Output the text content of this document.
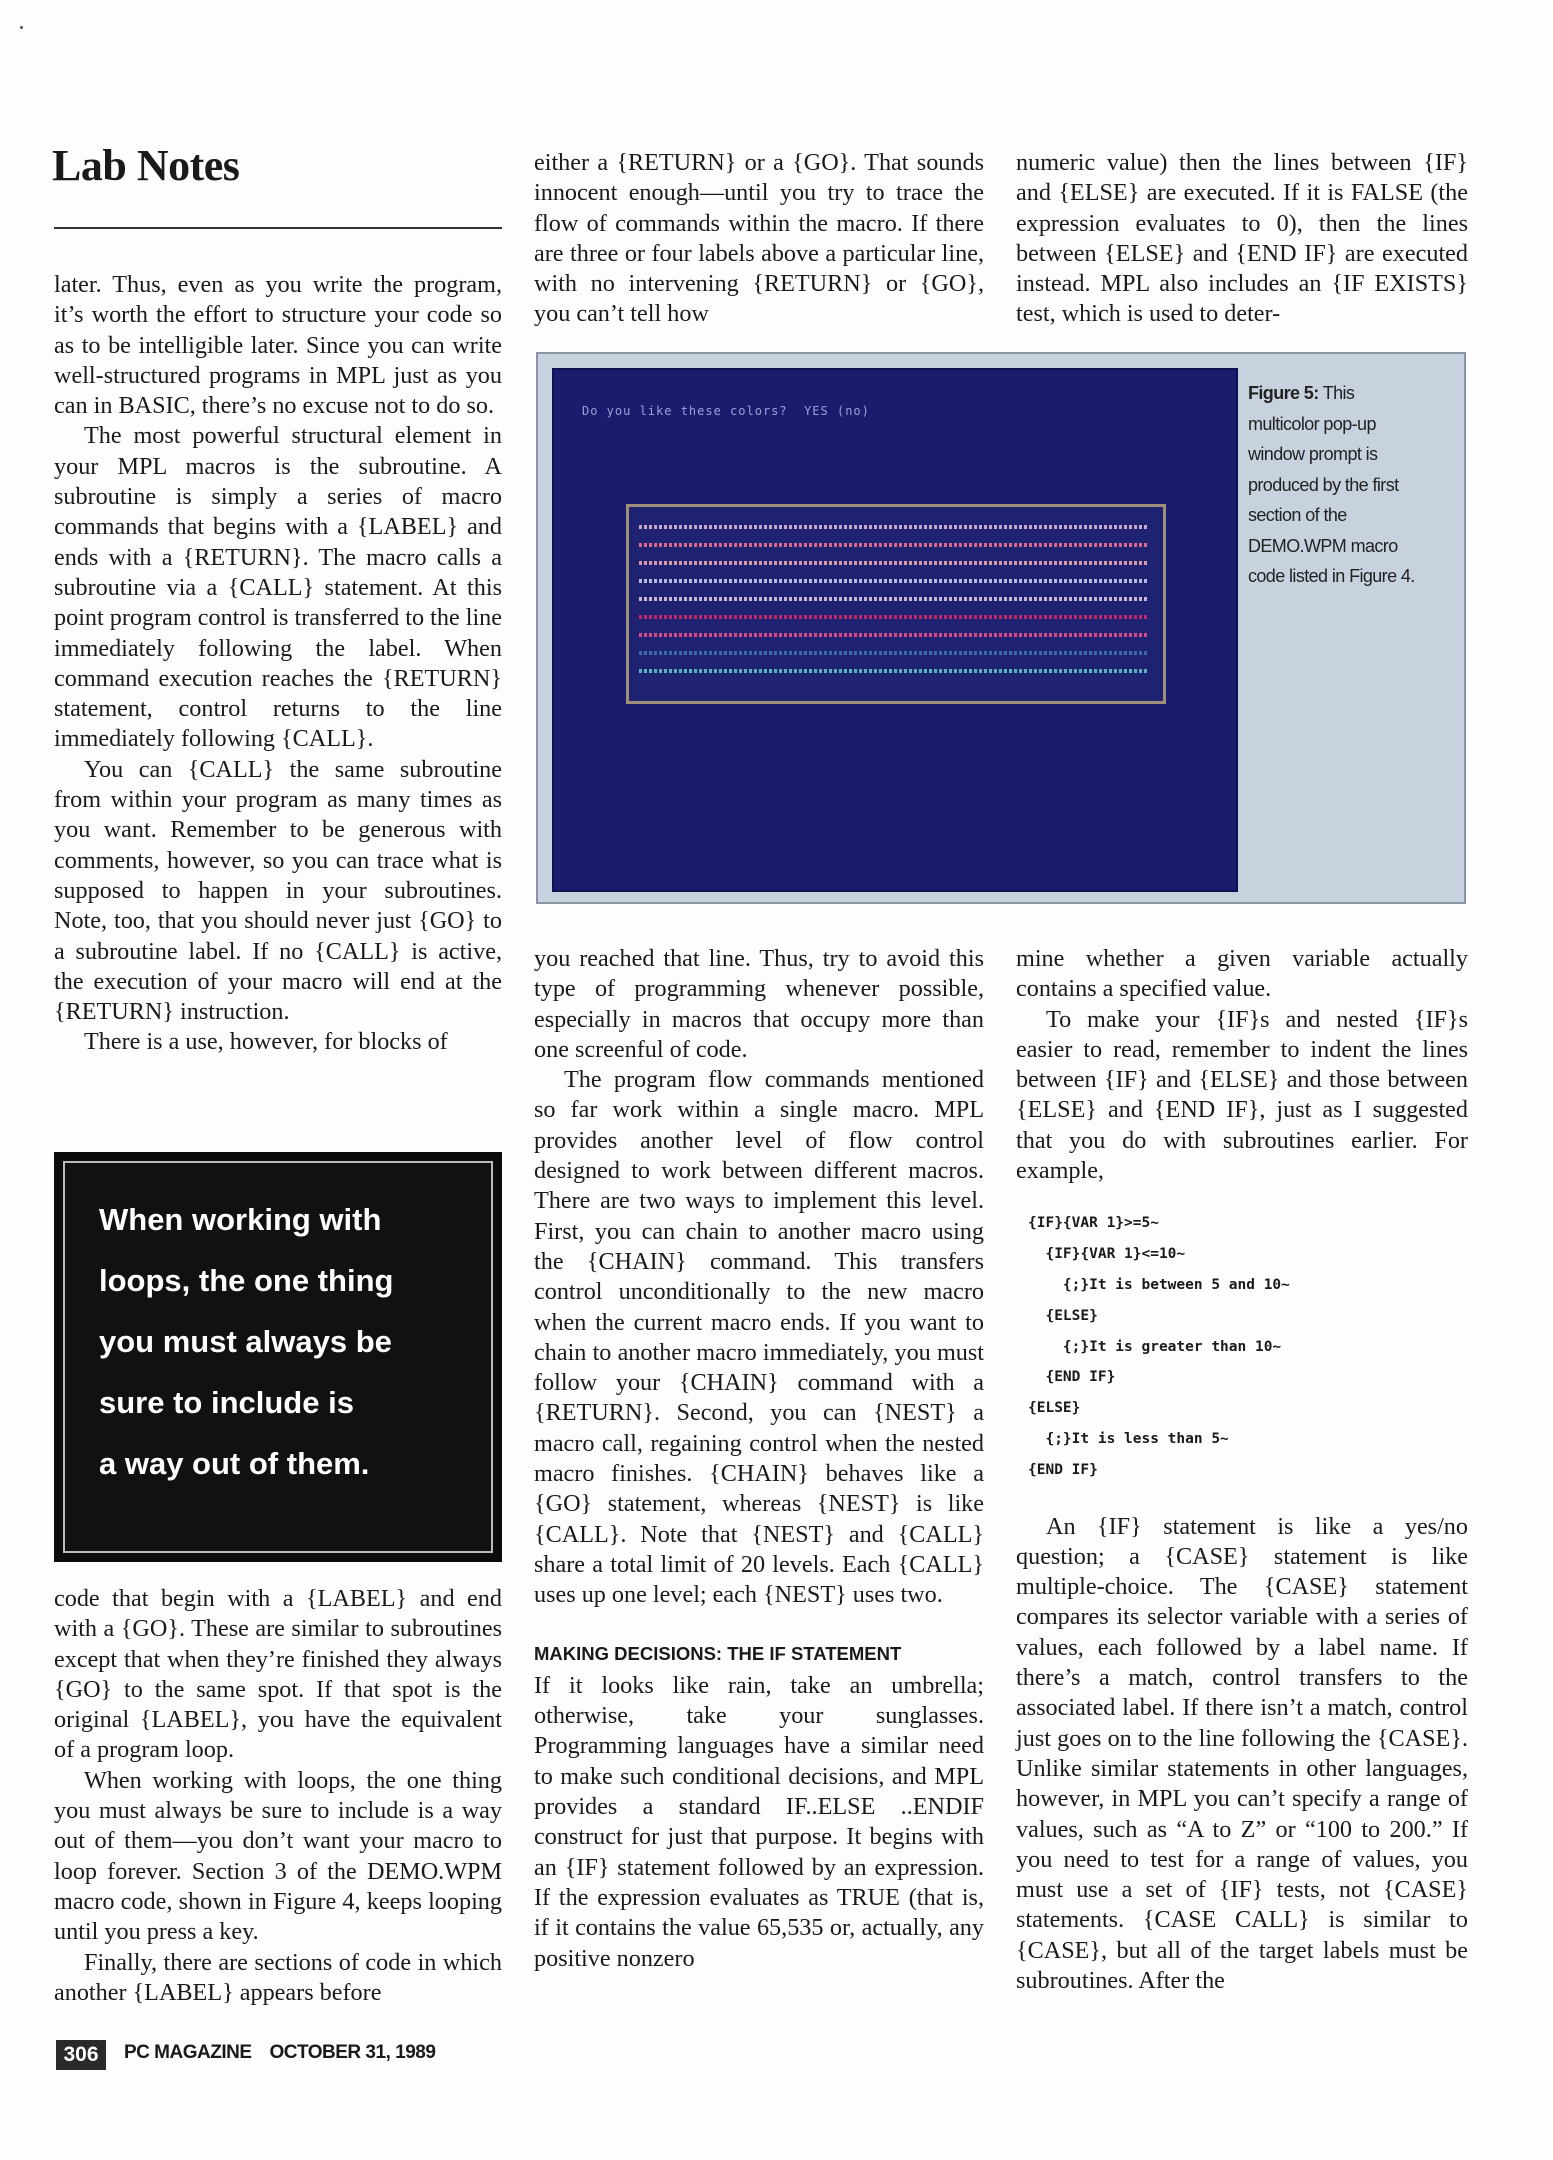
Lab Notes

later. Thus, even as you write the program, it’s worth the effort to structure your code so as to be intelligible later. Since you can write well-structured programs in MPL just as you can in BASIC, there’s no excuse not to do so.

The most powerful structural element in your MPL macros is the subroutine. A subroutine is simply a series of macro commands that begins with a {LABEL} and ends with a {RETURN}. The macro calls a subroutine via a {CALL} statement. At this point program control is transferred to the line immediately following the label. When command execution reaches the {RETURN} statement, control returns to the line immediately following {CALL}.

You can {CALL} the same subroutine from within your program as many times as you want. Remember to be generous with comments, however, so you can trace what is supposed to happen in your subroutines. Note, too, that you should never just {GO} to a subroutine label. If no {CALL} is active, the execution of your macro will end at the {RETURN} instruction.

There is a use, however, for blocks of

When working with
loops, the one thing
you must always be
sure to include is
a way out of them.

code that begin with a {LABEL} and end with a {GO}. These are similar to subroutines except that when they’re finished they always {GO} to the same spot. If that spot is the original {LABEL}, you have the equivalent of a program loop.

When working with loops, the one thing you must always be sure to include is a way out of them—you don’t want your macro to loop forever. Section 3 of the DEMO.WPM macro code, shown in Figure 4, keeps looping until you press a key.

Finally, there are sections of code in which another {LABEL} appears before

either a {RETURN} or a {GO}. That sounds innocent enough—until you try to trace the flow of commands within the macro. If there are three or four labels above a particular line, with no intervening {RETURN} or {GO}, you can’t tell how

numeric value) then the lines between {IF} and {ELSE} are executed. If it is FALSE (the expression evaluates to 0), then the lines between {ELSE} and {END IF} are executed instead. MPL also includes an {IF EXISTS} test, which is used to deter-

Do you like these colors?  YES (no)
Figure 5: This multicolor pop-up window prompt is produced by the first section of the DEMO.WPM macro code listed in Figure 4.

you reached that line. Thus, try to avoid this type of programming whenever possible, especially in macros that occupy more than one screenful of code.

The program flow commands mentioned so far work within a single macro. MPL provides another level of flow control designed to work between different macros. There are two ways to implement this level. First, you can chain to another macro using the {CHAIN} command. This transfers control unconditionally to the new macro when the current macro ends. If you want to chain to another macro immediately, you must follow your {CHAIN} command with a {RETURN}. Second, you can {NEST} a macro call, regaining control when the nested macro finishes. {CHAIN} behaves like a {GO} statement, whereas {NEST} is like {CALL}. Note that {NEST} and {CALL} share a total limit of 20 levels. Each {CALL} uses up one level; each {NEST} uses two.

MAKING DECISIONS: THE IF STATEMENT

If it looks like rain, take an umbrella; otherwise, take your sunglasses. Programming languages have a similar need to make such conditional decisions, and MPL provides a standard IF..ELSE ..ENDIF construct for just that purpose. It begins with an {IF} statement followed by an expression. If the expression evaluates as TRUE (that is, if it contains the value 65,535 or, actually, any positive nonzero

mine whether a given variable actually contains a specified value.

To make your {IF}s and nested {IF}s easier to read, remember to indent the lines between {IF} and {ELSE} and those between {ELSE} and {END IF}, just as I suggested that you do with subroutines earlier. For example,

{IF}{VAR 1}>=5~
{IF}{VAR 1}<=10~
{;}It is between 5 and 10~
{ELSE}
{;}It is greater than 10~
{END IF}
{ELSE}
{;}It is less than 5~
{END IF}

An {IF} statement is like a yes/no question; a {CASE} statement is like multiple-choice. The {CASE} statement compares its selector variable with a series of values, each followed by a label name. If there’s a match, control transfers to the associated label. If there isn’t a match, control just goes on to the line following the {CASE}. Unlike similar statements in other languages, however, in MPL you can’t specify a range of values, such as “A to Z” or “100 to 200.” If you need to test for a range of values, you must use a set of {IF} tests, not {CASE} statements. {CASE CALL} is similar to {CASE}, but all of the target labels must be subroutines. After the

306	PC MAGAZINE OCTOBER 31, 1989
